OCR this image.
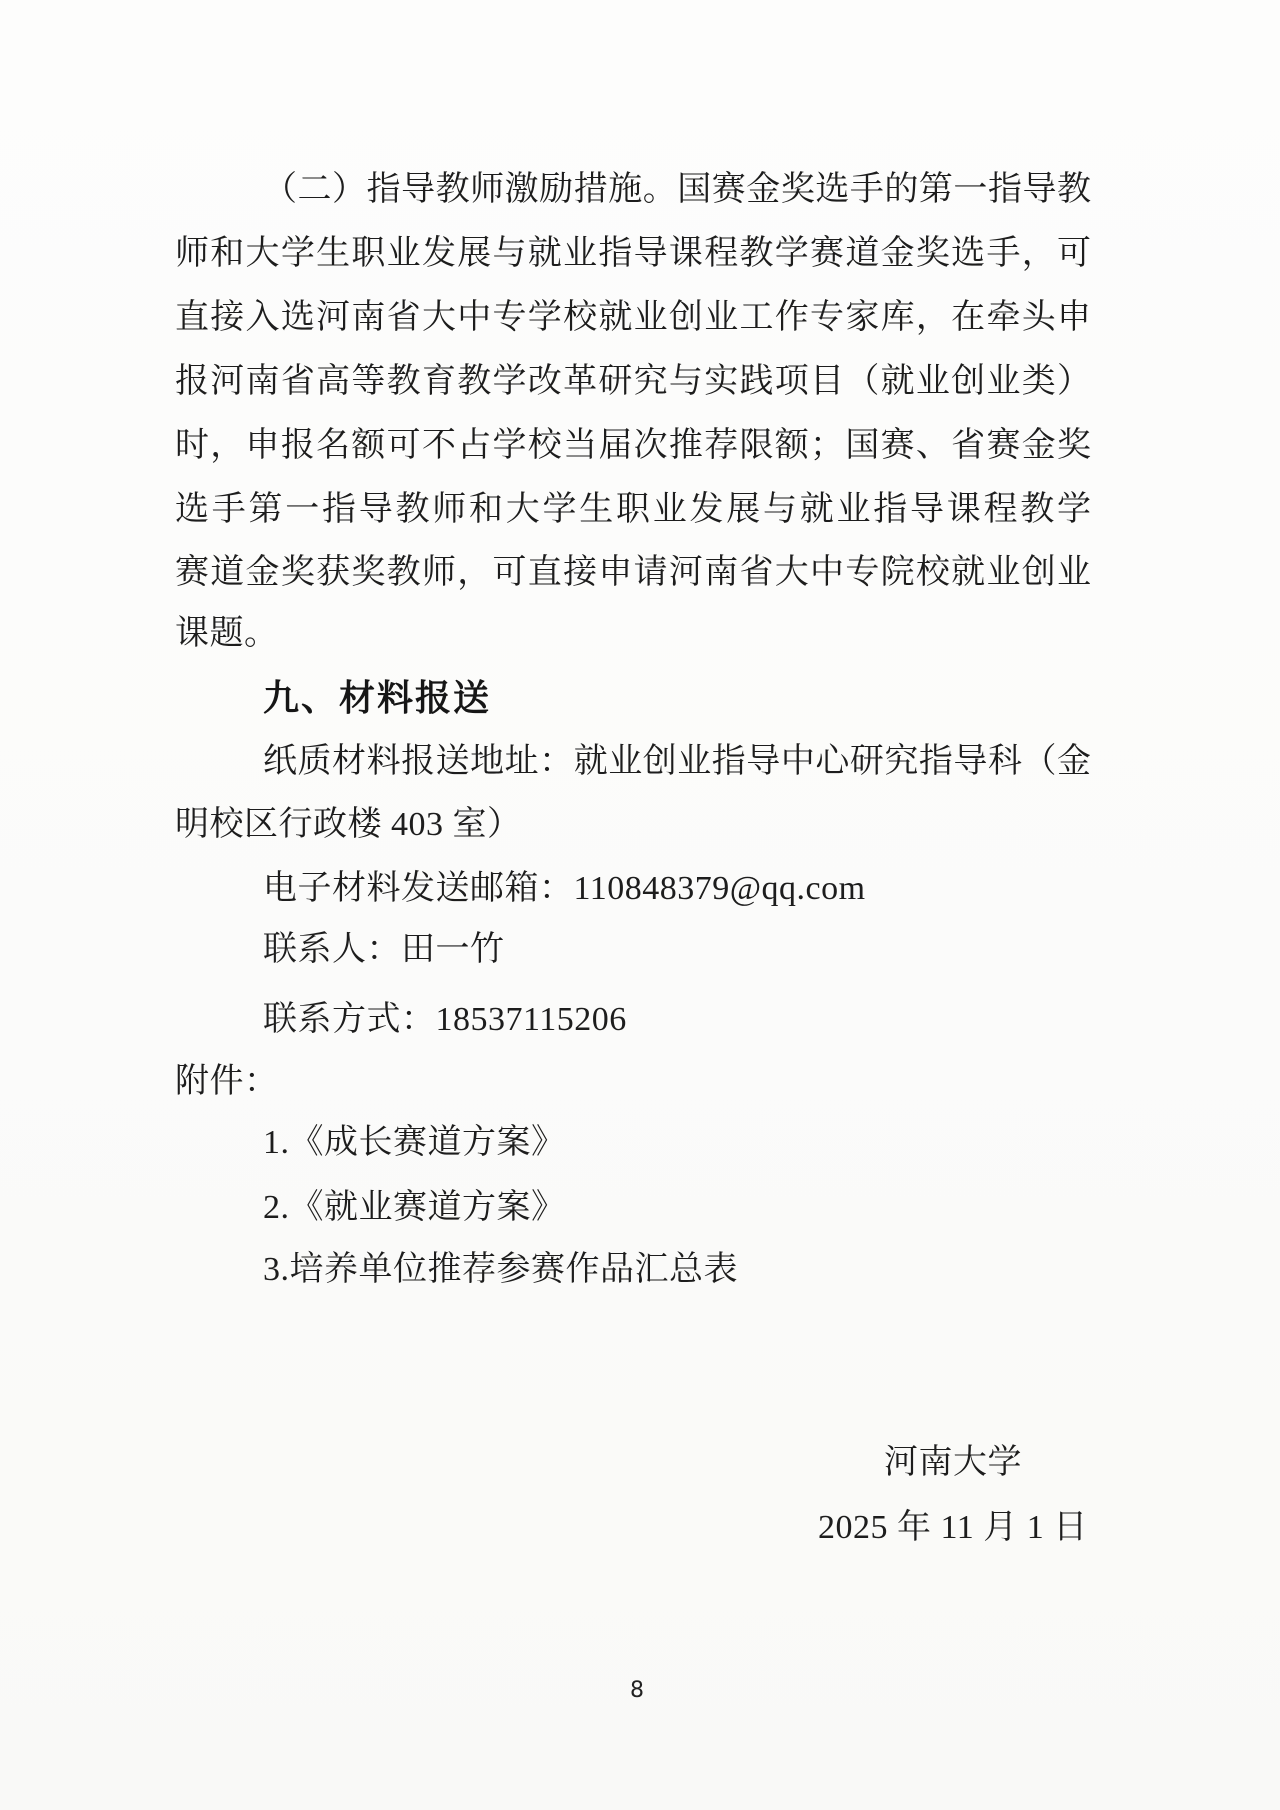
（二）指导教师激励措施。国赛金奖选手的第一指导教
师和大学生职业发展与就业指导课程教学赛道金奖选手，可
直接入选河南省大中专学校就业创业工作专家库，在牵头申
报河南省高等教育教学改革研究与实践项目（就业创业类）
时，申报名额可不占学校当届次推荐限额；国赛、省赛金奖
选手第一指导教师和大学生职业发展与就业指导课程教学
赛道金奖获奖教师，可直接申请河南省大中专院校就业创业
课题。
九、材料报送
纸质材料报送地址：就业创业指导中心研究指导科（金
明校区行政楼 403 室）
电子材料发送邮箱：110848379@qq.com
联系人：田一竹
联系方式：18537115206
附件：
1.《成长赛道方案》
2.《就业赛道方案》
3.培养单位推荐参赛作品汇总表
河南大学
2025 年 11 月 1 日
8
